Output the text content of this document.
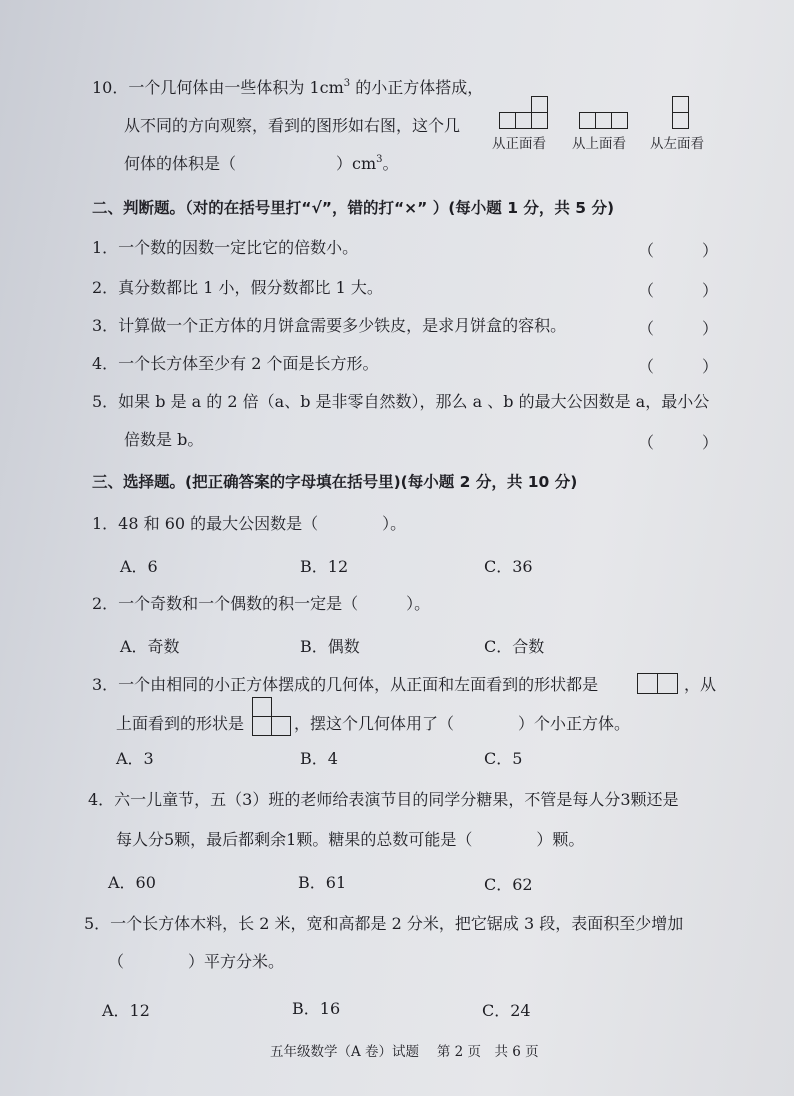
10．一个几何体由一些体积为 $1cm^3$ 的小正方体搭成，
从不同的方向观察，看到的图形如右图，这个几
何体的体积是（	）$cm^3$。
从正面看 从上面看 从左面看
二、判断题。（对的在括号里打“√”，错的打“×” ）(每小题 1 分，共 5 分)
1．一个数的因数一定比它的倍数小。	（　　　）
2．真分数都比 1 小，假分数都比 1 大。	（　　　）
3．计算做一个正方体的月饼盒需要多少铁皮，是求月饼盒的容积。	（　　　）
4．一个长方体至少有 2 个面是长方形。	（　　　）
5．如果 b 是 a 的 2 倍（a、b 是非零自然数），那么 a 、b 的最大公因数是 a，最小公
倍数是 b。	（　　　）
三、选择题。(把正确答案的字母填在括号里)(每小题 2 分，共 10 分)
1．48 和 60 的最大公因数是（　　　　）。
A．6	B．12	C．36
2．一个奇数和一个偶数的积一定是（　　　）。
A．奇数	B．偶数	C．合数
3．一个由相同的小正方体摆成的几何体，从正面和左面看到的形状都是	，从
上面看到的形状是	，摆这个几何体用了（　　　　）个小正方体。
A．3	B．4	C．5
4．六一儿童节，五（3）班的老师给表演节目的同学分糖果，不管是每人分3颗还是
每人分5颗，最后都剩余1颗。糖果的总数可能是（　　　　）颗。
A．60	B．61	C．62
5．一个长方体木料，长 2 米，宽和高都是 2 分米，把它锯成 3 段，表面积至少增加
（　　　　）平方分米。
A．12	B．16	C．24
五年级数学（A 卷）试题　 第 2 页　共 6 页
